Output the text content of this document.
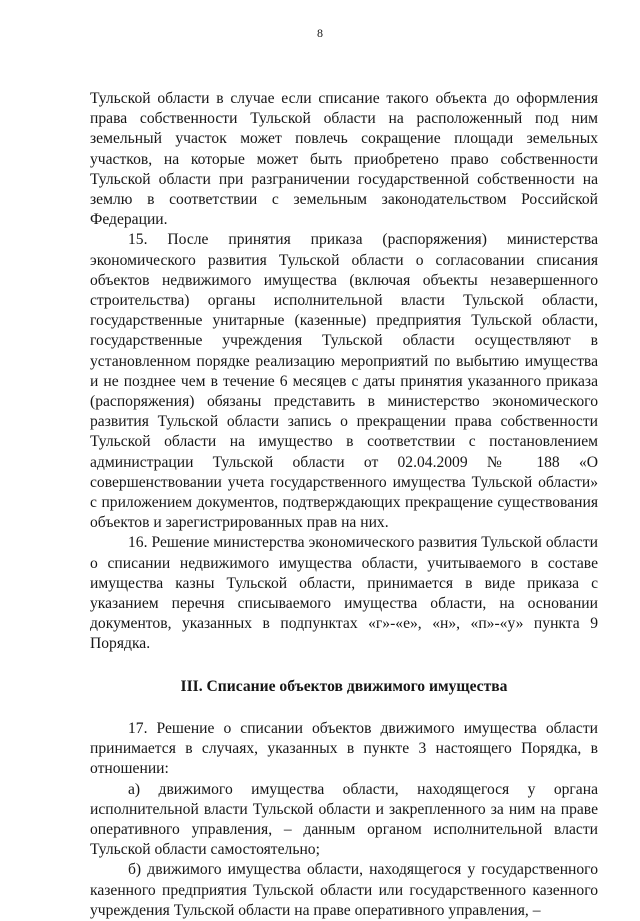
8

Тульской области в случае если списание такого объекта до оформления права собственности Тульской области на расположенный под ним земельный участок может повлечь сокращение площади земельных участков, на которые может быть приобретено право собственности Тульской области при разграничении государственной собственности на землю в соответствии с земельным законодательством Российской Федерации.

15. После принятия приказа (распоряжения) министерства экономического развития Тульской области о согласовании списания объектов недвижимого имущества (включая объекты незавершенного строительства) органы исполнительной власти Тульской области, государственные унитарные (казенные) предприятия Тульской области, государственные учреждения Тульской области осуществляют в установленном порядке реализацию мероприятий по выбытию имущества и не позднее чем в течение 6 месяцев с даты принятия указанного приказа (распоряжения) обязаны представить в министерство экономического развития Тульской области запись о прекращении права собственности Тульской области на имущество в соответствии с постановлением администрации Тульской области от 02.04.2009 № 188 «О совершенствовании учета государственного имущества Тульской области» с приложением документов, подтверждающих прекращение существования объектов и зарегистрированных прав на них.

16. Решение министерства экономического развития Тульской области о списании недвижимого имущества области, учитываемого в составе имущества казны Тульской области, принимается в виде приказа с указанием перечня списываемого имущества области, на основании документов, указанных в подпунктах «г»-«е», «н», «п»-«у» пункта 9 Порядка.

III. Списание объектов движимого имущества

17. Решение о списании объектов движимого имущества области принимается в случаях, указанных в пункте 3 настоящего Порядка, в отношении:

а) движимого имущества области, находящегося у органа исполнительной власти Тульской области и закрепленного за ним на праве оперативного управления, – данным органом исполнительной власти Тульской области самостоятельно;

б) движимого имущества области, находящегося у государственного казенного предприятия Тульской области или государственного казенного учреждения Тульской области на праве оперативного управления, –
